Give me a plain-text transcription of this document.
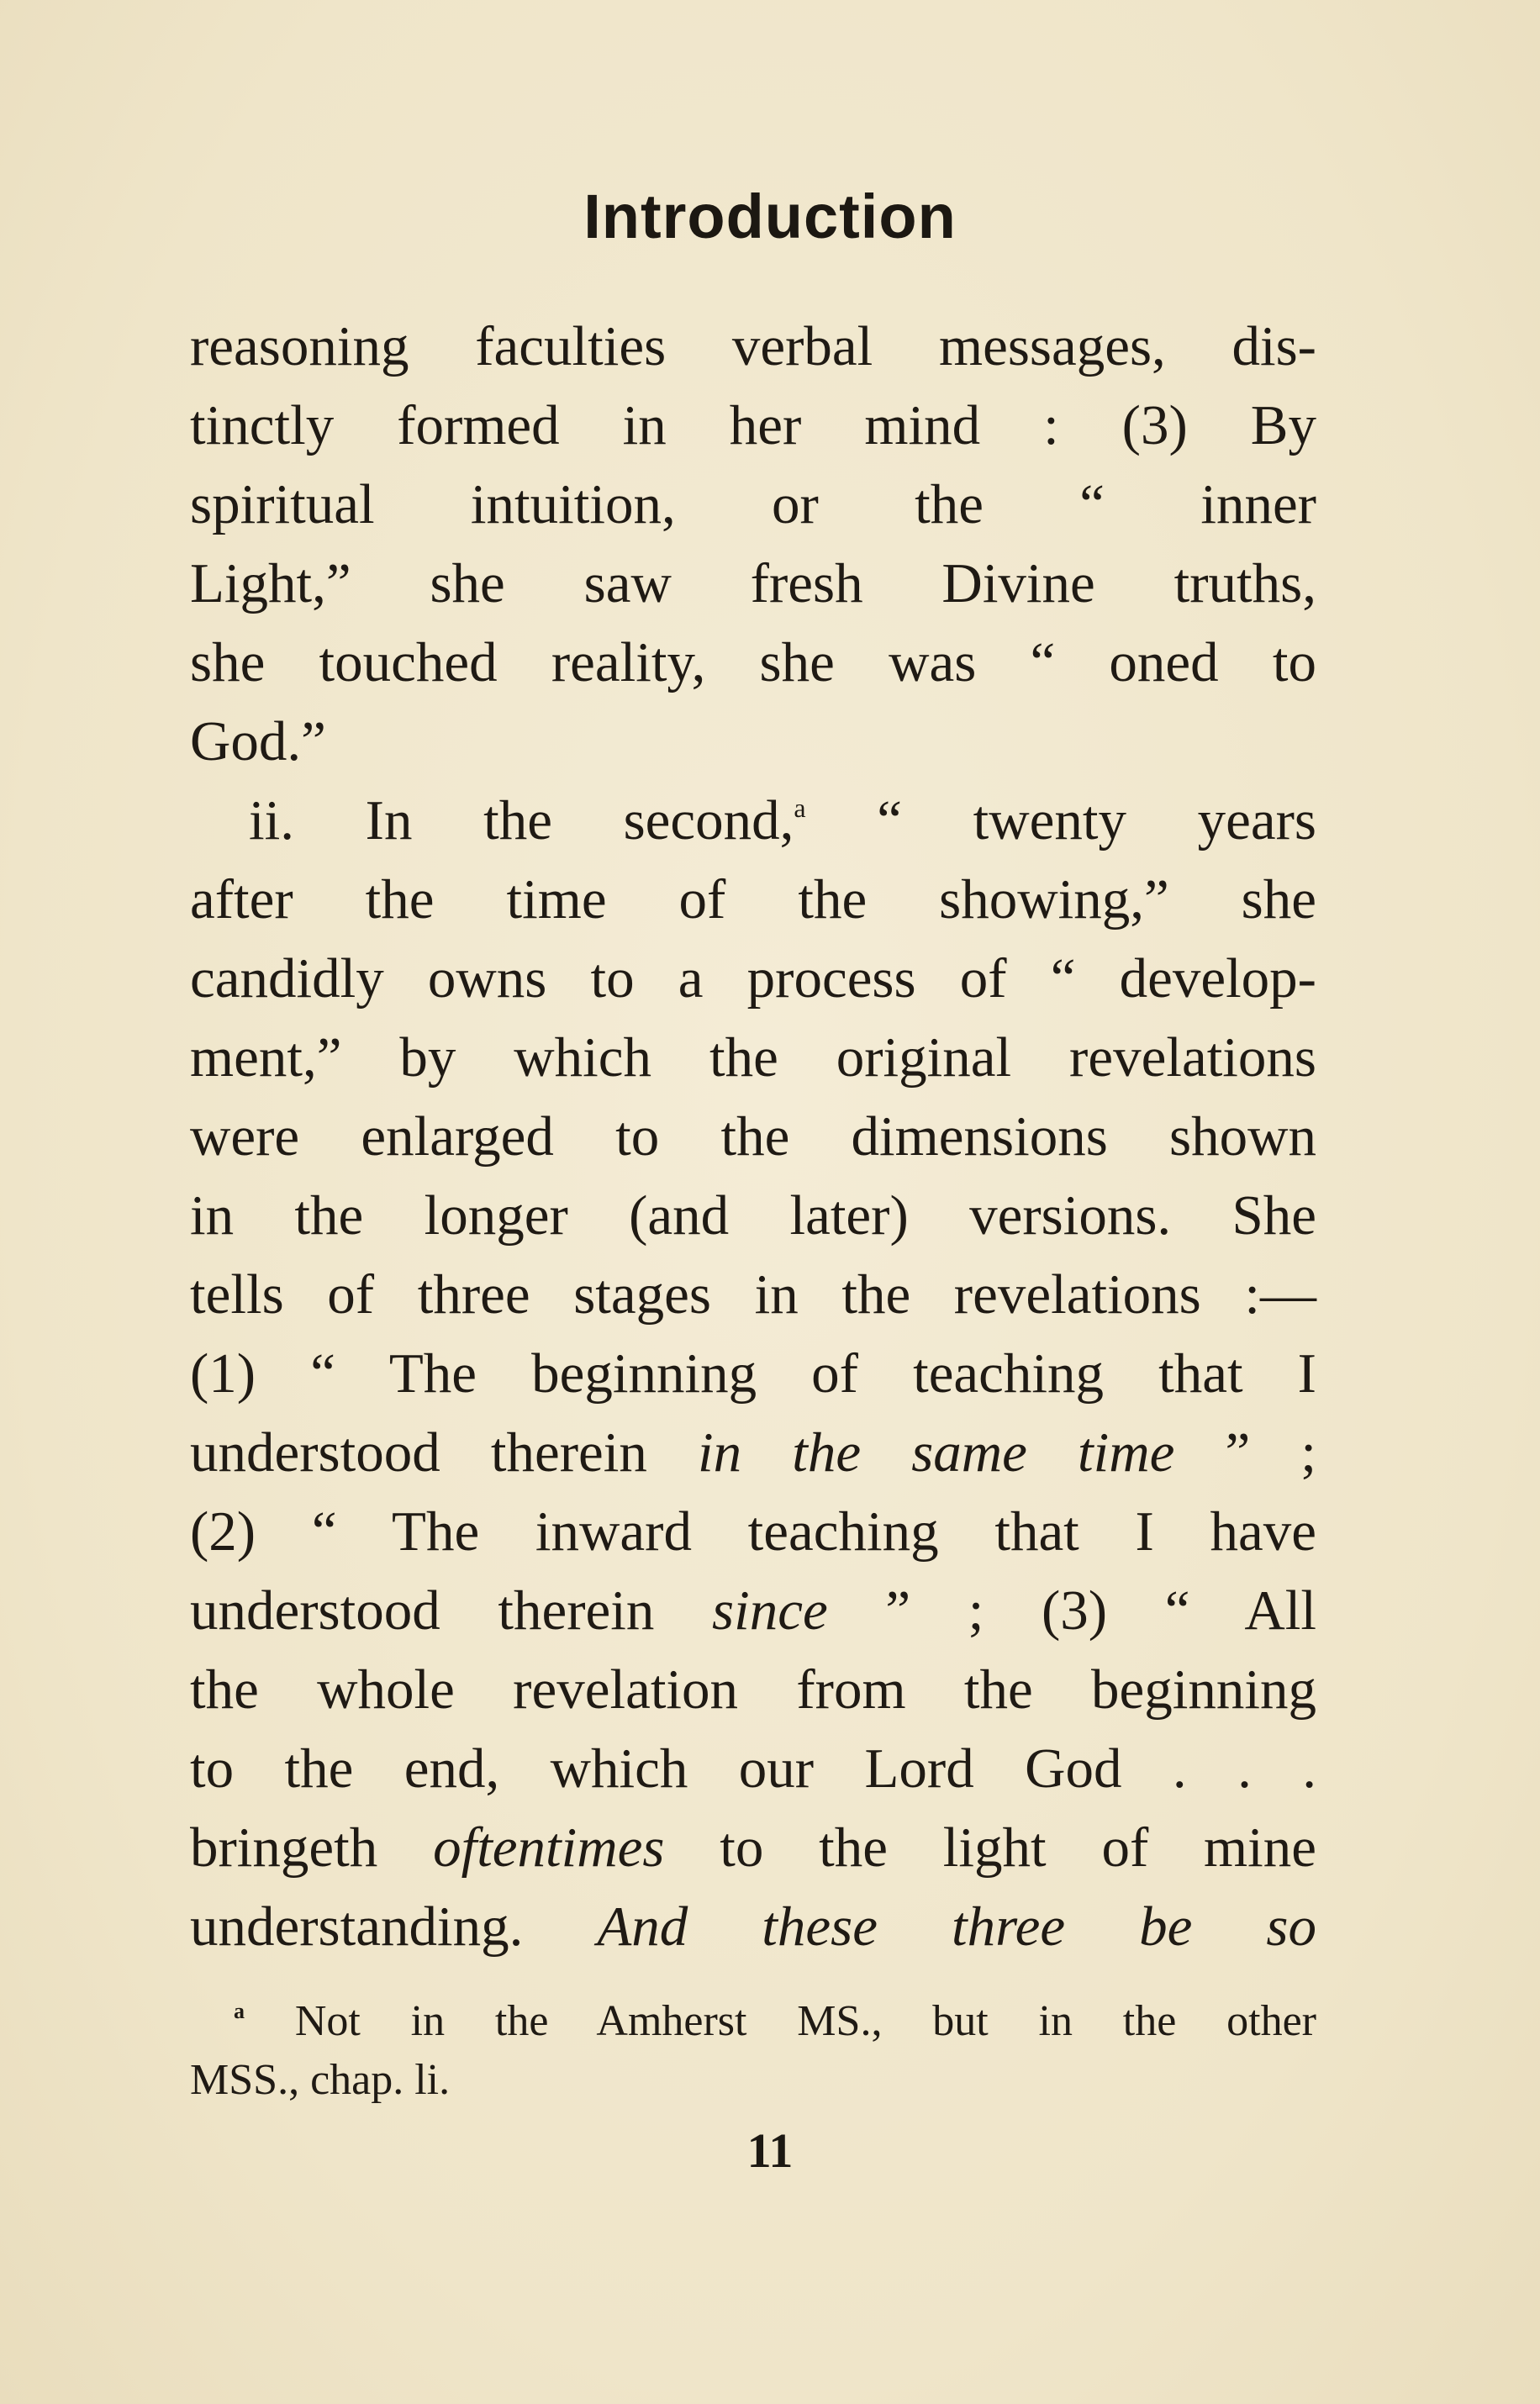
Introduction
reasoning faculties verbal messages, dis-
tinctly formed in her mind : (3) By
spiritual intuition, or the “ inner
Light,” she saw fresh Divine truths,
she touched reality, she was “ oned to
God.”
ii. In the second,$^a$ “ twenty years
after the time of the showing,” she
candidly owns to a process of “ develop-
ment,” by which the original revelations
were enlarged to the dimensions shown
in the longer (and later) versions. She
tells of three stages in the revelations :—
(1) “ The beginning of teaching that I
understood therein in the same time ” ;
(2) “ The inward teaching that I have
understood therein since ” ; (3) “ All
the whole revelation from the beginning
to the end, which our Lord God . . .
bringeth oftentimes to the light of mine
understanding. And these three be so
$^a$ Not in the Amherst MS., but in the other
MSS., chap. li.
11
